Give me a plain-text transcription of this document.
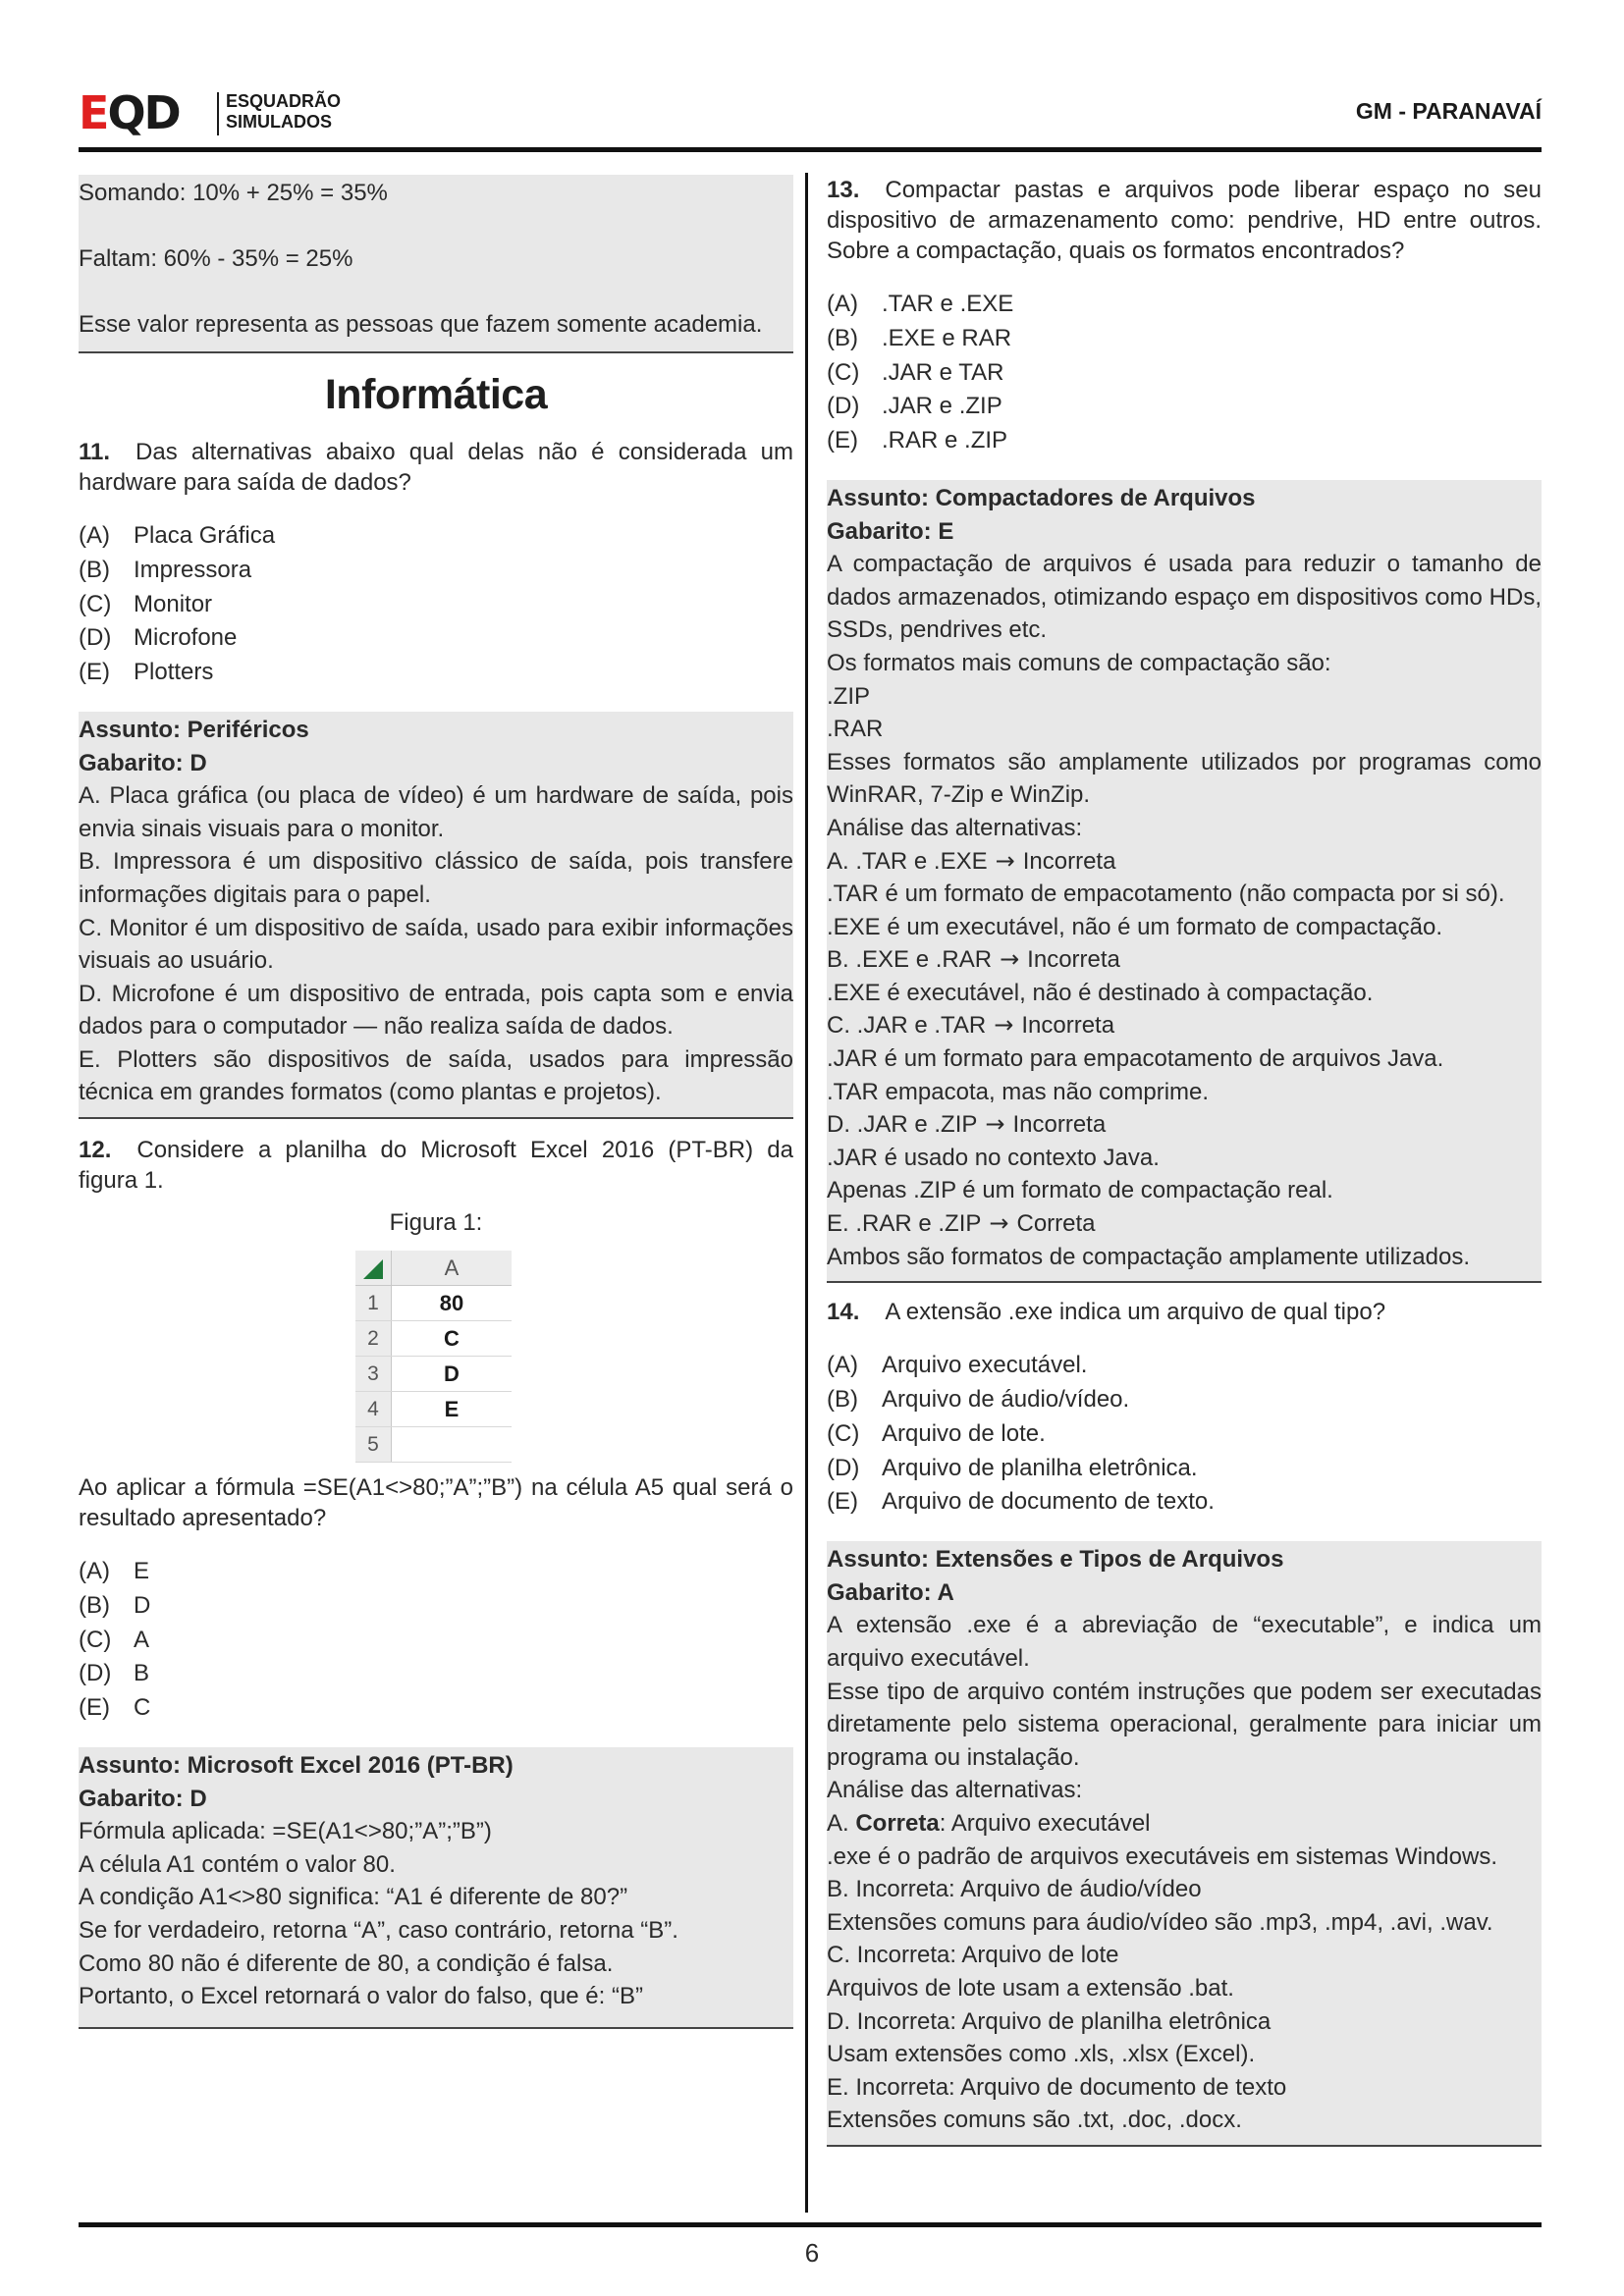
EQD	ESQUADRÃO
SIMULADOS	GM - PARANAVAÍ
Somando: 10% + 25% = 35%

Faltam: 60% - 35% = 25%

Esse valor representa as pessoas que fazem somente academia.
Informática
11. Das alternativas abaixo qual delas não é considerada um hardware para saída de dados?
(A) Placa Gráfica
(B) Impressora
(C) Monitor
(D) Microfone
(E) Plotters
Assunto: Periféricos
Gabarito: D
A. Placa gráfica (ou placa de vídeo) é um hardware de saída, pois envia sinais visuais para o monitor.
B. Impressora é um dispositivo clássico de saída, pois transfere informações digitais para o papel.
C. Monitor é um dispositivo de saída, usado para exibir informações visuais ao usuário.
D. Microfone é um dispositivo de entrada, pois capta som e envia dados para o computador — não realiza saída de dados.
E. Plotters são dispositivos de saída, usados para impressão técnica em grandes formatos (como plantas e projetos).
12. Considere a planilha do Microsoft Excel 2016 (PT-BR) da figura 1.
Figura 1:
	A
1	80
2	C
3	D
4	E
5	
Ao aplicar a fórmula =SE(A1<>80;”A”;”B”) na célula A5 qual será o resultado apresentado?
(A) E
(B) D
(C) A
(D) B
(E) C
Assunto: Microsoft Excel 2016 (PT-BR)
Gabarito: D
Fórmula aplicada: =SE(A1<>80;”A”;”B”)
A célula A1 contém o valor 80.
A condição A1<>80 significa: “A1 é diferente de 80?”
Se for verdadeiro, retorna “A”, caso contrário, retorna “B”.
Como 80 não é diferente de 80, a condição é falsa.
Portanto, o Excel retornará o valor do falso, que é: “B”
13. Compactar pastas e arquivos pode liberar espaço no seu dispositivo de armazenamento como: pendrive, HD entre outros. Sobre a compactação, quais os formatos encontrados?
(A) .TAR e .EXE
(B) .EXE e RAR
(C) .JAR e TAR
(D) .JAR e .ZIP
(E) .RAR e .ZIP
Assunto: Compactadores de Arquivos
Gabarito: E
A compactação de arquivos é usada para reduzir o tamanho de dados armazenados, otimizando espaço em dispositivos como HDs, SSDs, pendrives etc.
Os formatos mais comuns de compactação são:
.ZIP
.RAR
Esses formatos são amplamente utilizados por programas como WinRAR, 7-Zip e WinZip.
Análise das alternativas:
A. .TAR e .EXE → Incorreta
.TAR é um formato de empacotamento (não compacta por si só).
.EXE é um executável, não é um formato de compactação.
B. .EXE e .RAR → Incorreta
.EXE é executável, não é destinado à compactação.
C. .JAR e .TAR → Incorreta
.JAR é um formato para empacotamento de arquivos Java.
.TAR empacota, mas não comprime.
D. .JAR e .ZIP → Incorreta
.JAR é usado no contexto Java.
Apenas .ZIP é um formato de compactação real.
E. .RAR e .ZIP → Correta
Ambos são formatos de compactação amplamente utilizados.
14. A extensão .exe indica um arquivo de qual tipo?
(A) Arquivo executável.
(B) Arquivo de áudio/vídeo.
(C) Arquivo de lote.
(D) Arquivo de planilha eletrônica.
(E) Arquivo de documento de texto.
Assunto: Extensões e Tipos de Arquivos
Gabarito: A
A extensão .exe é a abreviação de “executable”, e indica um arquivo executável.
Esse tipo de arquivo contém instruções que podem ser executadas diretamente pelo sistema operacional, geralmente para iniciar um programa ou instalação.
Análise das alternativas:
A. Correta: Arquivo executável
.exe é o padrão de arquivos executáveis em sistemas Windows.
B. Incorreta: Arquivo de áudio/vídeo
Extensões comuns para áudio/vídeo são .mp3, .mp4, .avi, .wav.
C. Incorreta: Arquivo de lote
Arquivos de lote usam a extensão .bat.
D. Incorreta: Arquivo de planilha eletrônica
Usam extensões como .xls, .xlsx (Excel).
E. Incorreta: Arquivo de documento de texto
Extensões comuns são .txt, .doc, .docx.
6
